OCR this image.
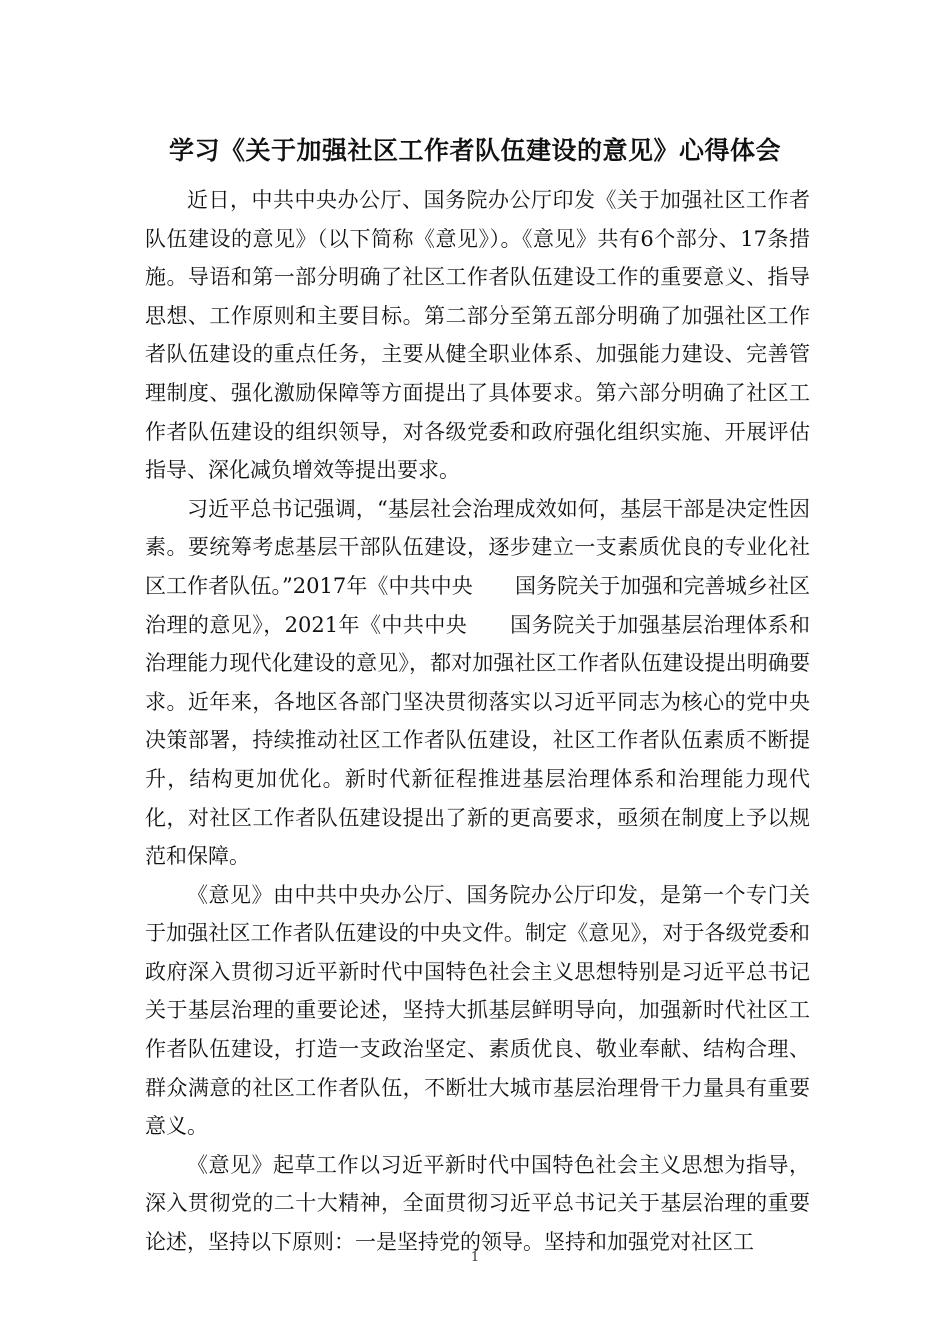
学习《关于加强社区工作者队伍建设的意见》心得体会

近日，中共中央办公厅、国务院办公厅印发《关于加强社区工作者队伍建设的意见》（以下简称《意见》）。《意见》共有6个部分、17条措施。导语和第一部分明确了社区工作者队伍建设工作的重要意义、指导思想、工作原则和主要目标。第二部分至第五部分明确了加强社区工作者队伍建设的重点任务，主要从健全职业体系、加强能力建设、完善管理制度、强化激励保障等方面提出了具体要求。第六部分明确了社区工作者队伍建设的组织领导，对各级党委和政府强化组织实施、开展评估指导、深化减负增效等提出要求。

习近平总书记强调，“基层社会治理成效如何，基层干部是决定性因素。要统筹考虑基层干部队伍建设，逐步建立一支素质优良的专业化社区工作者队伍。”2017年《中共中央　　国务院关于加强和完善城乡社区治理的意见》，2021年《中共中央　　国务院关于加强基层治理体系和治理能力现代化建设的意见》，都对加强社区工作者队伍建设提出明确要求。近年来，各地区各部门坚决贯彻落实以习近平同志为核心的党中央决策部署，持续推动社区工作者队伍建设，社区工作者队伍素质不断提升，结构更加优化。新时代新征程推进基层治理体系和治理能力现代化，对社区工作者队伍建设提出了新的更高要求，亟须在制度上予以规范和保障。

《意见》由中共中央办公厅、国务院办公厅印发，是第一个专门关于加强社区工作者队伍建设的中央文件。制定《意见》，对于各级党委和政府深入贯彻习近平新时代中国特色社会主义思想特别是习近平总书记关于基层治理的重要论述，坚持大抓基层鲜明导向，加强新时代社区工作者队伍建设，打造一支政治坚定、素质优良、敬业奉献、结构合理、群众满意的社区工作者队伍，不断壮大城市基层治理骨干力量具有重要意义。

《意见》起草工作以习近平新时代中国特色社会主义思想为指导，深入贯彻党的二十大精神，全面贯彻习近平总书记关于基层治理的重要论述，坚持以下原则：一是坚持党的领导。坚持和加强党对社区工

1
